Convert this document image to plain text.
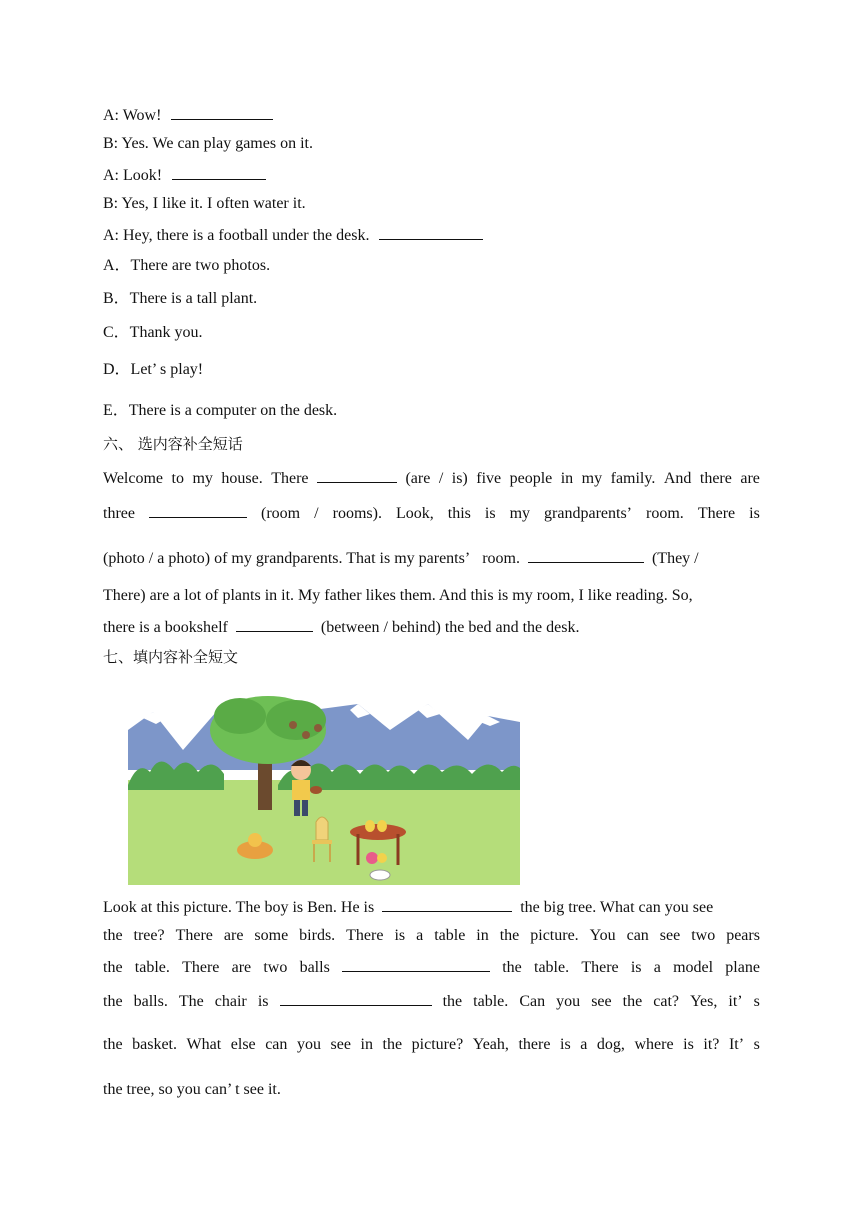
A: Wow!
B: Yes. We can play games on it.
A: Look!
B: Yes, I like it. I often water it.
A: Hey, there is a football under the desk.
A．There are two photos.
B．There is a tall plant.
C．Thank you.
D．Let’ s play!
E．There is a computer on the desk.
六、 选内容补全短话
Welcome to my house. There	(are / is) five people in my family. And there are
three	(room / rooms). Look, this is my grandparents’ room. There is
(photo / a photo) of my grandparents. That is my parents’ room.	(They /
There) are a lot of plants in it. My father likes them. And this is my room, I like reading. So,
there is a bookshelf	(between / behind) the bed and the desk.
七、填内容补全短文
Look at this picture. The boy is Ben. He is	the big tree. What can you see
the tree? There are some birds. There is a table in the picture. You can see two pears
the table. There are two balls	the table. There is a model plane
the balls. The chair is	the table. Can you see the cat? Yes, it’ s
the basket. What else can you see in the picture? Yeah, there is a dog, where is it? It’ s
the tree, so you can’ t see it.
